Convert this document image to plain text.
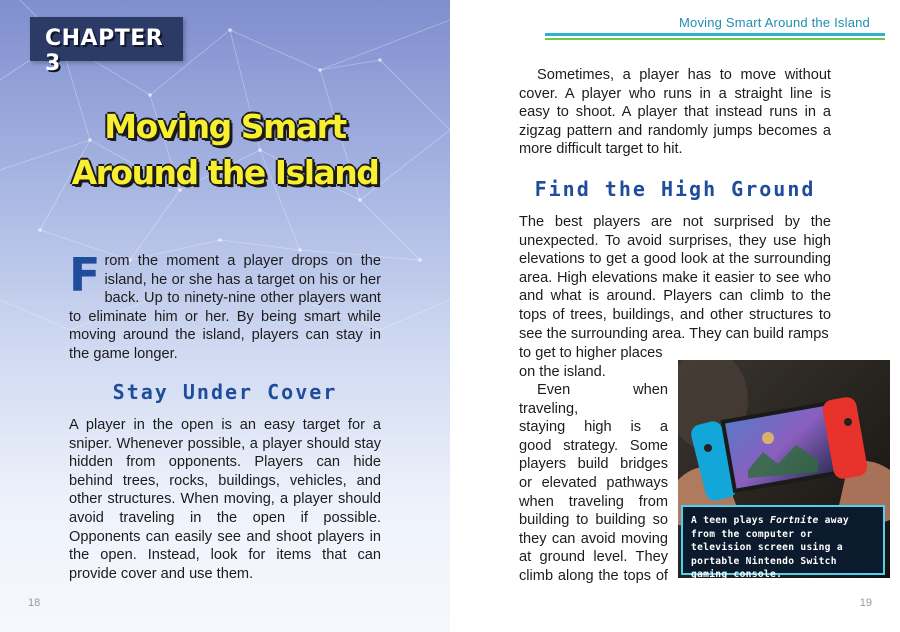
CHAPTER 3
Moving Smart
Around the Island

From the moment a player drops on the island, he or she has a target on his or her back. Up to ninety-nine other players want to eliminate him or her. By being smart while moving around the island, players can stay in the game longer.

Stay Under Cover

A player in the open is an easy target for a sniper. Whenever possible, a player should stay hidden from opponents. Players can hide behind trees, rocks, buildings, vehicles, and other structures. When moving, a player should avoid traveling in the open if possible. Opponents can easily see and shoot players in the open. Instead, look for items that can provide cover and use them.

18
Moving Smart Around the Island

Sometimes, a player has to move without cover. A player who runs in a straight line is easy to shoot. A player that instead runs in a zigzag pattern and randomly jumps becomes a more difficult target to hit.

Find the High Ground

The best players are not surprised by the unexpected. To avoid surprises, they use high elevations to get a good look at the surrounding area. High elevations make it easier to see who and what is around. Players can climb to the tops of trees, buildings, and other structures to see the surrounding area. They can build ramps

to get to higher places
on the island.
Even when traveling,
staying high is a
good strategy. Some
players build bridges
or elevated pathways
when traveling from
building to building so
they can avoid moving
at ground level. They
climb along the tops of

A teen plays Fortnite away from the computer or television screen using a portable Nintendo Switch gaming console.

19
